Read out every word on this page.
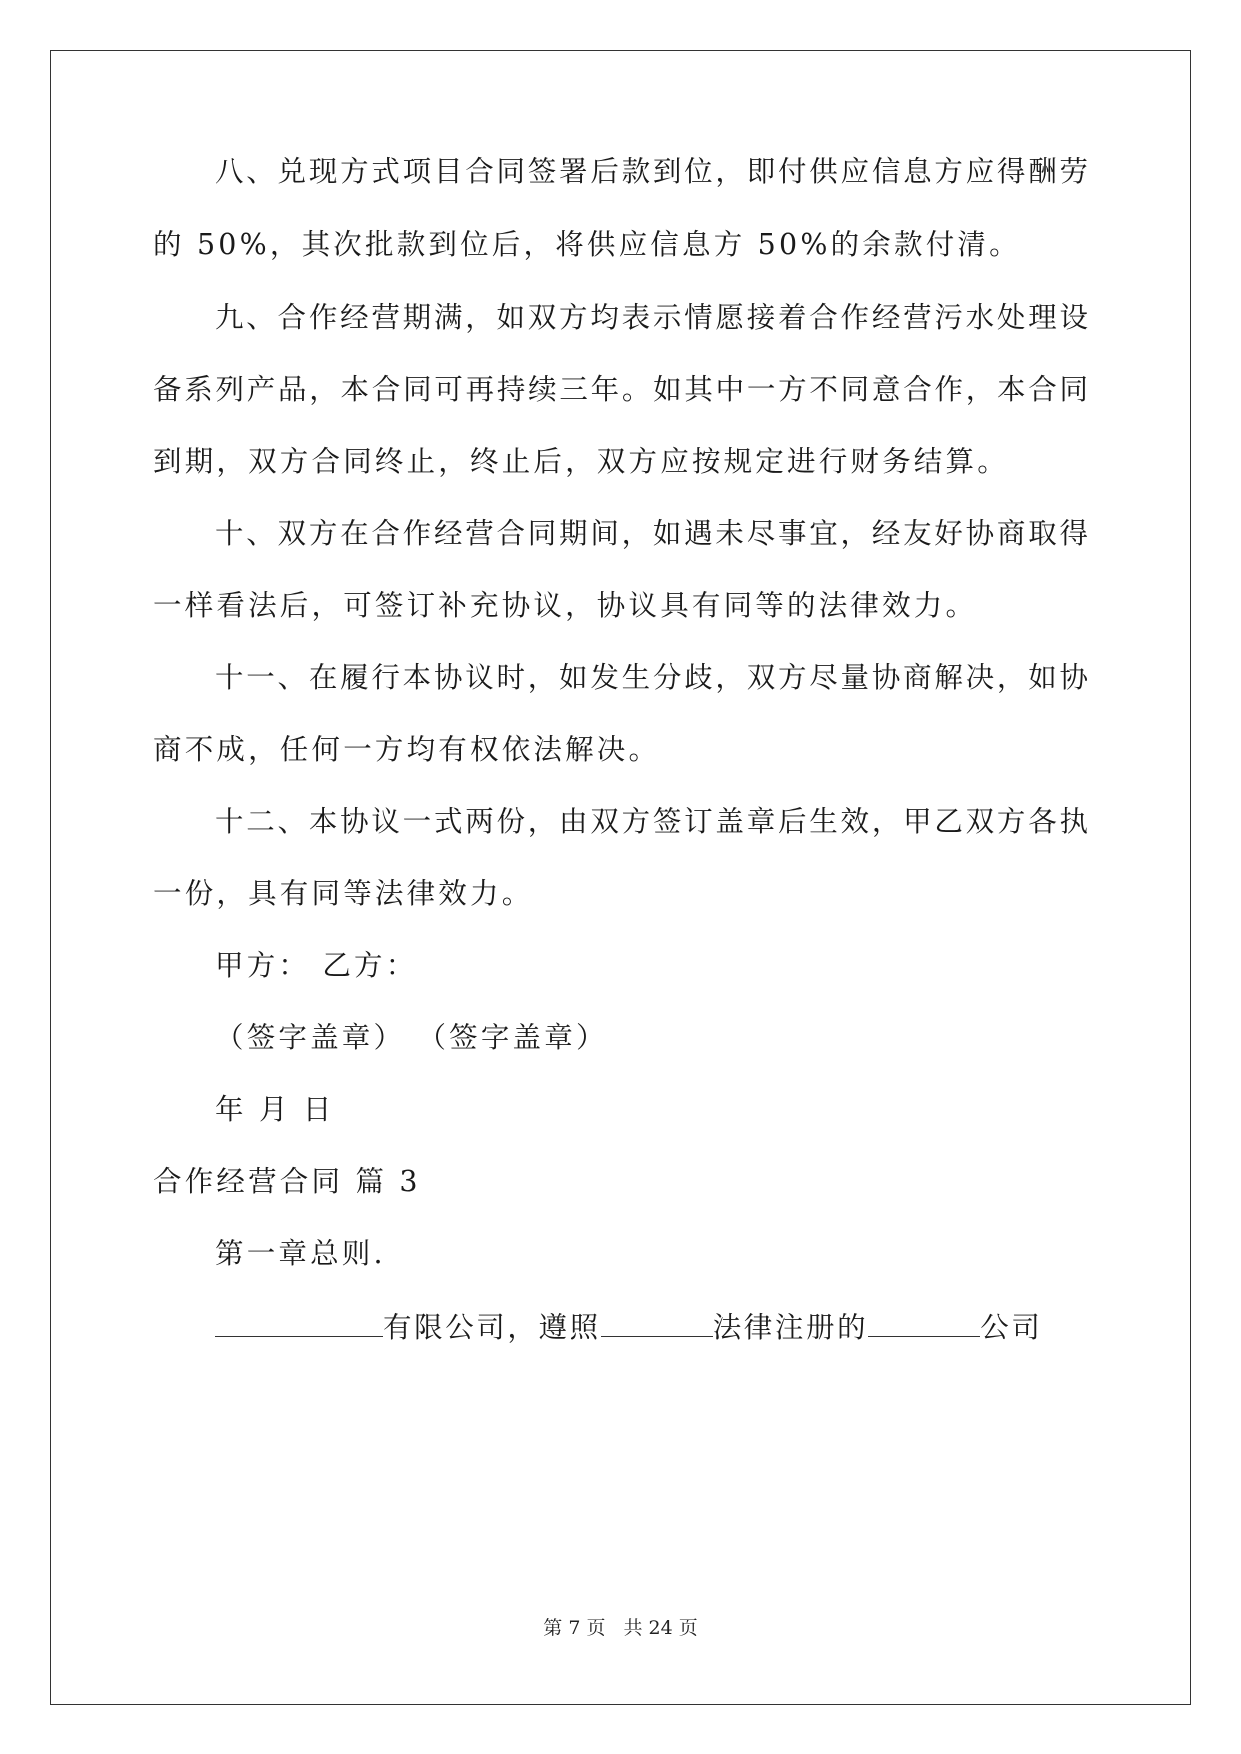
八、兑现方式项目合同签署后款到位，即付供应信息方应得酬劳
的 50%，其次批款到位后，将供应信息方 50%的余款付清。
九、合作经营期满，如双方均表示情愿接着合作经营污水处理设
备系列产品，本合同可再持续三年。如其中一方不同意合作，本合同
到期，双方合同终止，终止后，双方应按规定进行财务结算。
十、双方在合作经营合同期间，如遇未尽事宜，经友好协商取得
一样看法后，可签订补充协议，协议具有同等的法律效力。
十一、在履行本协议时，如发生分歧，双方尽量协商解决，如协
商不成，任何一方均有权依法解决。
十二、本协议一式两份，由双方签订盖章后生效，甲乙双方各执
一份，具有同等法律效力。
甲方： 乙方：
（签字盖章） （签字盖章）
年 月 日
合作经营合同 篇 3
第一章总则.
有限公司，遵照	法律注册的	公司
第 7 页 共 24 页
